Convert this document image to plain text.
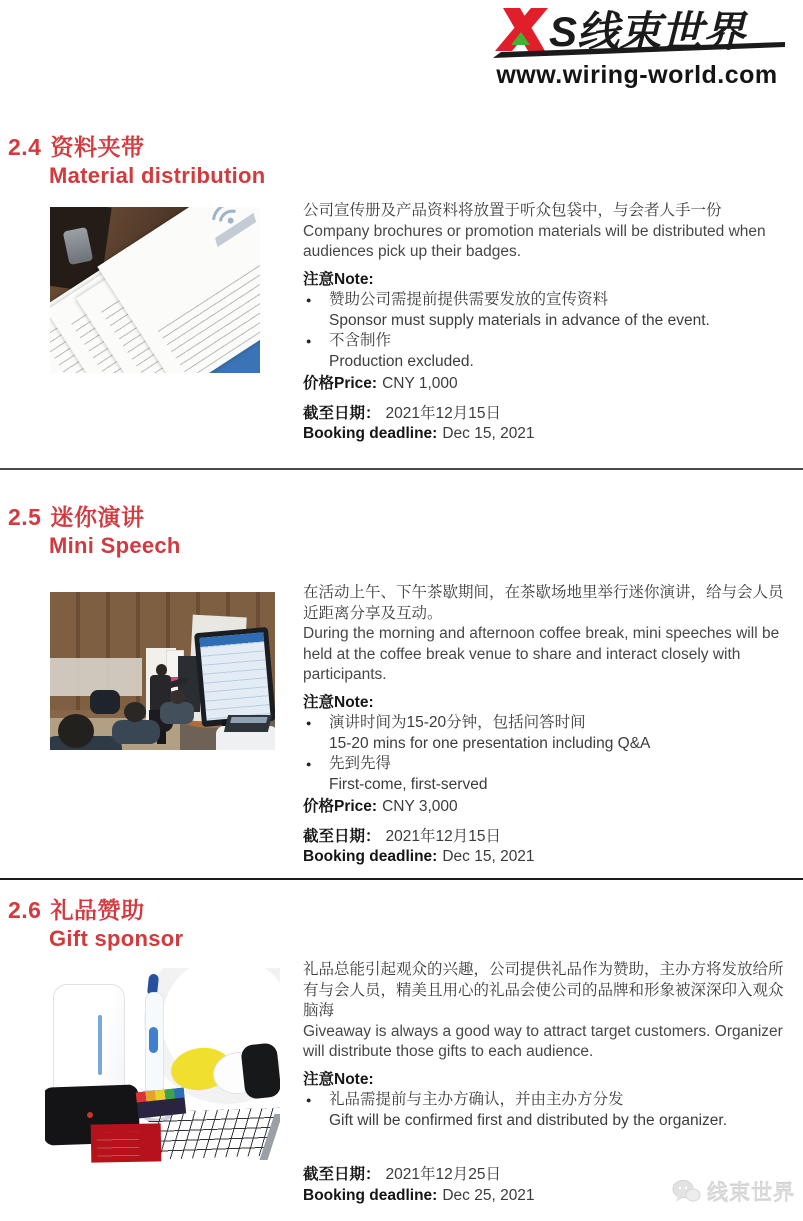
S线束世界
www.wiring-world.com
2.4 资料夹带
Material distribution

公司宣传册及产品资料将放置于听众包袋中，与会者人手一份
Company brochures or promotion materials will be distributed when audiences pick up their badges.

注意Note:
●	赞助公司需提前提供需要发放的宣传资料
Sponsor must supply materials in advance of the event.
●	不含制作
Production excluded.
价格Price: CNY 1,000
截至日期： 2021年12月15日
Booking deadline: Dec 15, 2021
2.5 迷你演讲
Mini Speech

在活动上午、下午茶歇期间，在茶歇场地里举行迷你演讲，给与会人员近距离分享及互动。
During the morning and afternoon coffee break, mini speeches will be held at the coffee break venue to share and interact closely with participants.

注意Note:
●	演讲时间为15-20分钟，包括问答时间
15-20 mins for one presentation including Q&A
●	先到先得
First-come, first-served
价格Price: CNY 3,000
截至日期： 2021年12月15日
Booking deadline: Dec 15, 2021
2.6 礼品赞助
Gift sponsor

礼品总能引起观众的兴趣，公司提供礼品作为赞助，主办方将发放给所有与会人员，精美且用心的礼品会使公司的品牌和形象被深深印入观众脑海
Giveaway is always a good way to attract target customers. Organizer will distribute those gifts to each audience.

注意Note:
●	礼品需提前与主办方确认，并由主办方分发
Gift will be confirmed first and distributed by the organizer.
截至日期： 2021年12月25日
Booking deadline: Dec 25, 2021	线束世界
